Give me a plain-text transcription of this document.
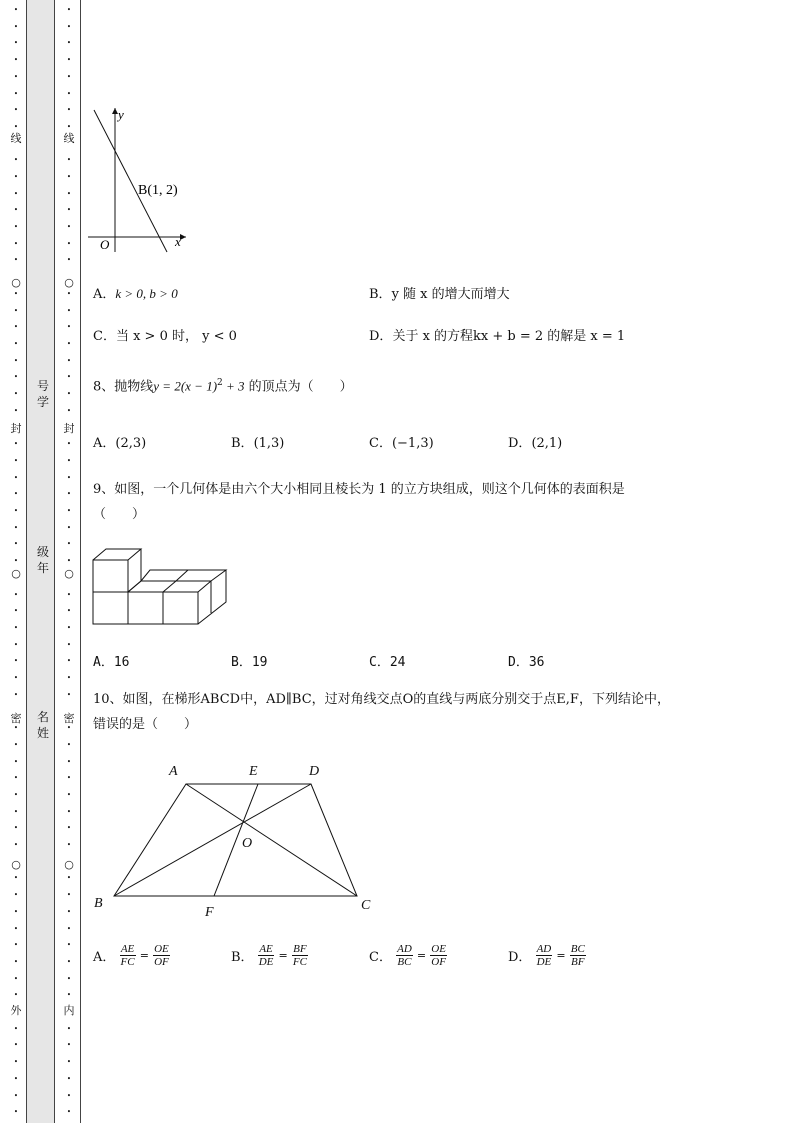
•
•
•
•
•
•
•
•
•
•
•
•
•
•
•
•
•
•
•
•
•
•
•
•
•
•
•
•
•
•
•
•
•
•
•
•
•
•
•
•
•
•
•
•
•
•
•
•
•
•
•
•
•
•
•
•
•
•
•
•
线
封
密
外
○
○
○
•
•
•
•
•
•
•
•
•
•
•
•
•
•
•
•
•
•
•
•
•
•
•
•
•
•
•
•
•
•
•
•
•
•
•
•
•
•
•
•
•
•
•
•
•
•
•
•
•
•
•
•
•
•
•
•
•
•
•
•
线
封
密
内
○
○
○
号
学
级
年
名
姓
y
x
O
B(1, 2)
A．k > 0, b > 0	B．y 随 x 的增大而增大
C．当 x > 0 时， y < 0	D．关于 x 的方程kx + b = 2 的解是 x = 1
8、抛物线$y = 2(x - 1)^2 + 3$ 的顶点为（　　）
A．(2,3)	B．(1,3)	C．(−1,3)	D．(2,1)
9、如图，一个几何体是由六个大小相同且棱长为 1 的立方块组成，则这个几何体的表面积是
（　　）
A．16	B．19	C．24	D．36
10、如图，在梯形ABCD中，AD∥BC，过对角线交点O的直线与两底分别交于点E,F，下列结论中，
错误的是（　　）
A	E	D
O
B
F	C
A． $\frac{AE}{FC} = \frac{OE}{OF}$	B． $\frac{AE}{DE} = \frac{BF}{FC}$	C． $\frac{AD}{BC} = \frac{OE}{OF}$	D． $\frac{AD}{DE} = \frac{BC}{BF}$
